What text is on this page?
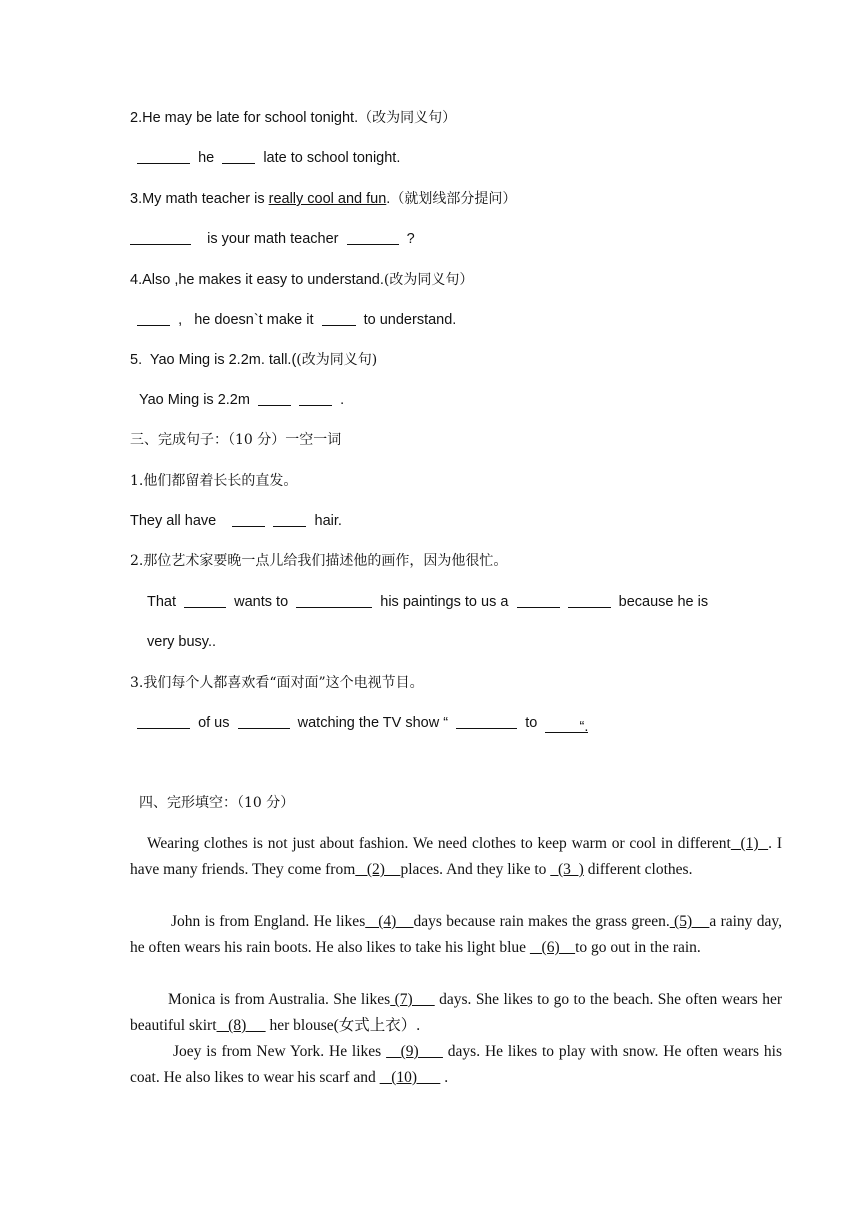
2.He may be late for school tonight.（改为同义句）
he	late to school tonight.
3.My math teacher is really cool and fun.（就划线部分提问）
is your math teacher	?
4.Also ,he makes it easy to understand.(改为同义句）
, he doesn`t make it	to understand.
5.  Yao Ming is 2.2m. tall.((改为同义句)
Yao Ming is 2.2m	.
三、完成句子：（10 分）一空一词
1.他们都留着长长的直发。
They all have	hair.
2.那位艺术家要晚一点儿给我们描述他的画作，因为他很忙。
That	wants to	his paintings to us a	because he is
very busy..
3.我们每个人都喜欢看“面对面”这个电视节目。
of us	watching the TV show “	to	“.
四、完形填空：（10 分）
Wearing clothes is not just about fashion. We need clothes to keep warm or cool in different  (1)  . I have many friends. They come from   (2)    places. And they like to   (3  ) different clothes.
John is from England. He likes   (4)    days because rain makes the grass green. (5)    a rainy day, he often wears his rain boots. He also likes to take his light blue    (6)    to go out in the rain.
Monica is from Australia. She likes (7)      days. She likes to go to the beach. She often wears her beautiful skirt   (8)      her blouse(女式上衣）.
Joey is from New York. He likes    (9)      days. He likes to play with snow. He often wears his coat. He also likes to wear his scarf and    (10)       .
